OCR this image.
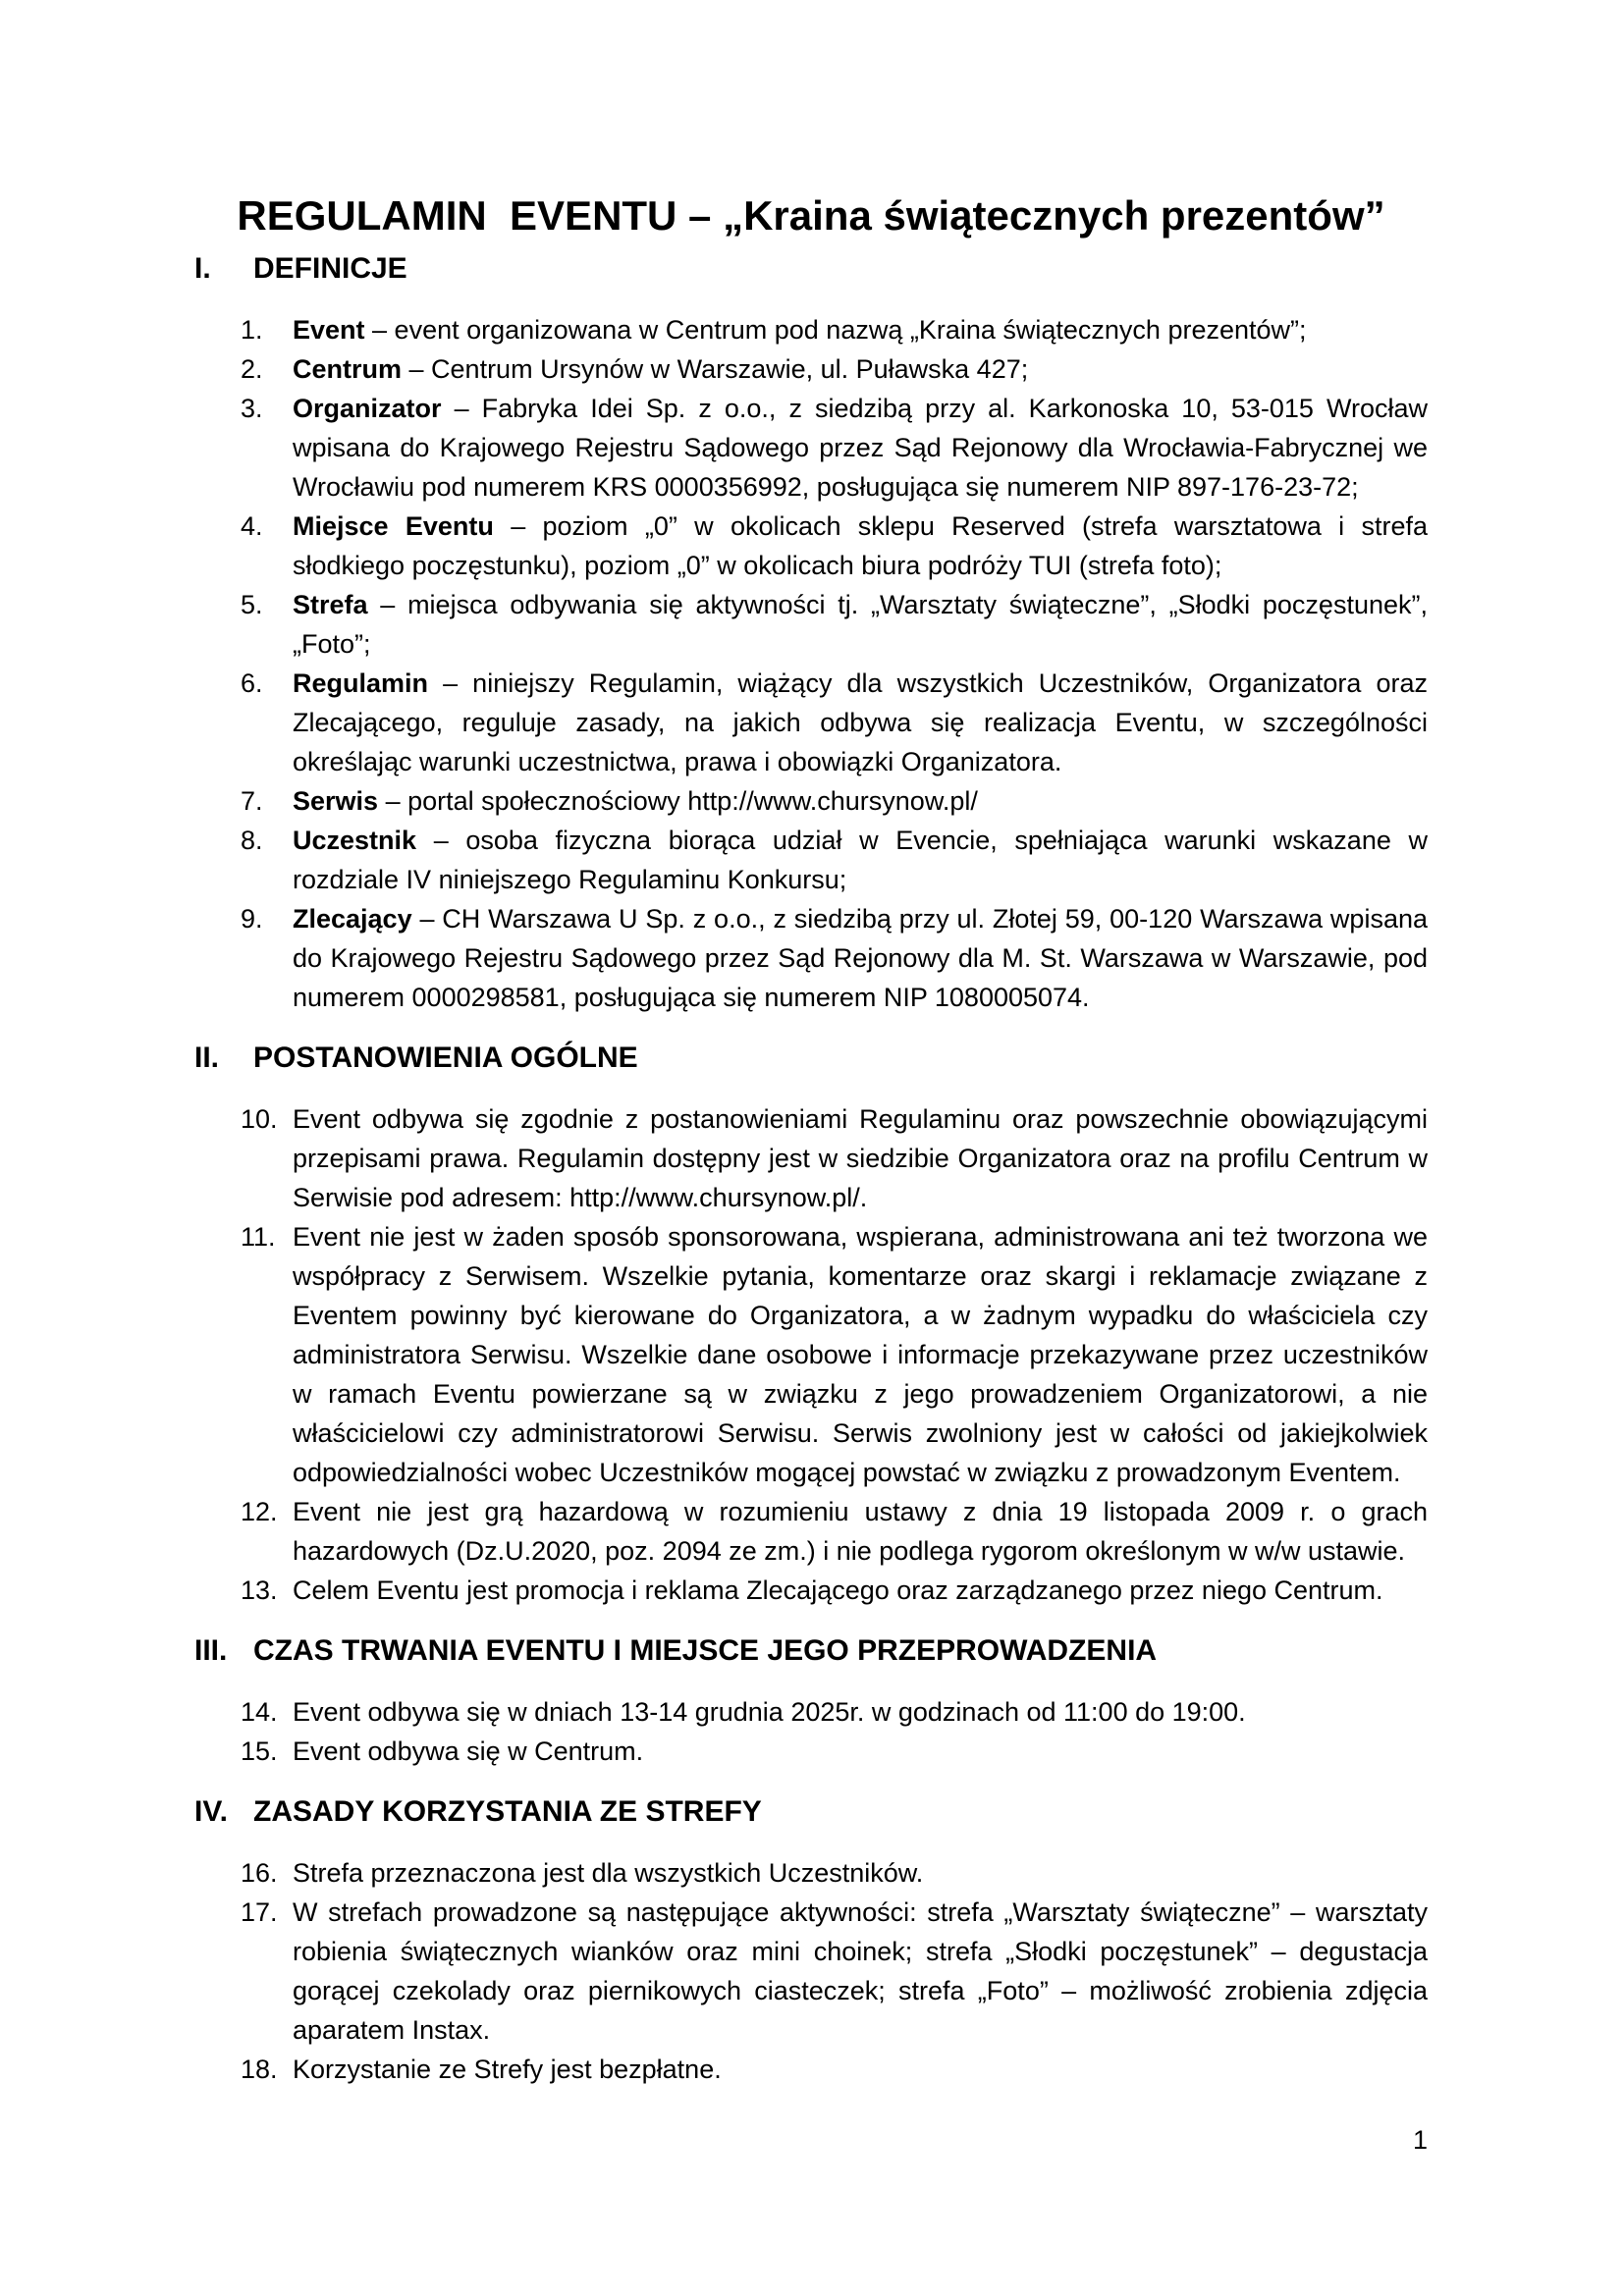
REGULAMIN  EVENTU – „Kraina świątecznych prezentów”
I.	DEFINICJE
1.	Event – event organizowana w Centrum pod nazwą „Kraina świątecznych prezentów”;
2.	Centrum – Centrum Ursynów w Warszawie, ul. Puławska 427;
3.	Organizator – Fabryka Idei Sp. z o.o., z siedzibą przy al. Karkonoska 10, 53-015 Wrocław wpisana do Krajowego Rejestru Sądowego przez Sąd Rejonowy dla Wrocławia-Fabrycznej we Wrocławiu pod numerem KRS 0000356992, posługująca się numerem NIP 897-176-23-72;
4.	Miejsce Eventu – poziom „0” w okolicach sklepu Reserved (strefa warsztatowa i strefa słodkiego poczęstunku), poziom „0” w okolicach biura podróży TUI (strefa foto);
5.	Strefa – miejsca odbywania się aktywności tj. „Warsztaty świąteczne”, „Słodki poczęstunek”, „Foto”;
6.	Regulamin – niniejszy Regulamin, wiążący dla wszystkich Uczestników, Organizatora oraz Zlecającego, reguluje zasady, na jakich odbywa się realizacja Eventu, w szczególności określając warunki uczestnictwa, prawa i obowiązki Organizatora.
7.	Serwis – portal społecznościowy http://www.chursynow.pl/
8.	Uczestnik – osoba fizyczna biorąca udział w Evencie, spełniająca warunki wskazane w rozdziale IV niniejszego Regulaminu Konkursu;
9.	Zlecający – CH Warszawa U Sp. z o.o., z siedzibą przy ul. Złotej 59, 00-120 Warszawa wpisana do Krajowego Rejestru Sądowego przez Sąd Rejonowy dla M. St. Warszawa w Warszawie, pod numerem 0000298581, posługująca się numerem NIP 1080005074.
II.	POSTANOWIENIA OGÓLNE
10. Event odbywa się zgodnie z postanowieniami Regulaminu oraz powszechnie obowiązującymi przepisami prawa. Regulamin dostępny jest w siedzibie Organizatora oraz na profilu Centrum w Serwisie pod adresem: http://www.chursynow.pl/.
11. Event nie jest w żaden sposób sponsorowana, wspierana, administrowana ani też tworzona we współpracy z Serwisem. Wszelkie pytania, komentarze oraz skargi i reklamacje związane z Eventem powinny być kierowane do Organizatora, a w żadnym wypadku do właściciela czy administratora Serwisu. Wszelkie dane osobowe i informacje przekazywane przez uczestników w ramach Eventu powierzane są w związku z jego prowadzeniem Organizatorowi, a nie właścicielowi czy administratorowi Serwisu. Serwis zwolniony jest w całości od jakiejkolwiek odpowiedzialności wobec Uczestników mogącej powstać w związku z prowadzonym Eventem.
12. Event nie jest grą hazardową w rozumieniu ustawy z dnia 19 listopada 2009 r. o grach hazardowych (Dz.U.2020, poz. 2094 ze zm.) i nie podlega rygorom określonym w w/w ustawie.
13. Celem Eventu jest promocja i reklama Zlecającego oraz zarządzanego przez niego Centrum.
III. CZAS TRWANIA EVENTU I MIEJSCE JEGO PRZEPROWADZENIA
14. Event odbywa się w dniach 13-14 grudnia 2025r. w godzinach od 11:00 do 19:00.
15. Event odbywa się w Centrum.
IV. ZASADY KORZYSTANIA ZE STREFY
16. Strefa przeznaczona jest dla wszystkich Uczestników.
17. W strefach prowadzone są następujące aktywności: strefa „Warsztaty świąteczne” – warsztaty robienia świątecznych wianków oraz mini choinek; strefa „Słodki poczęstunek” – degustacja gorącej czekolady oraz piernikowych ciasteczek; strefa „Foto” – możliwość zrobienia zdjęcia aparatem Instax.
18. Korzystanie ze Strefy jest bezpłatne.
1
